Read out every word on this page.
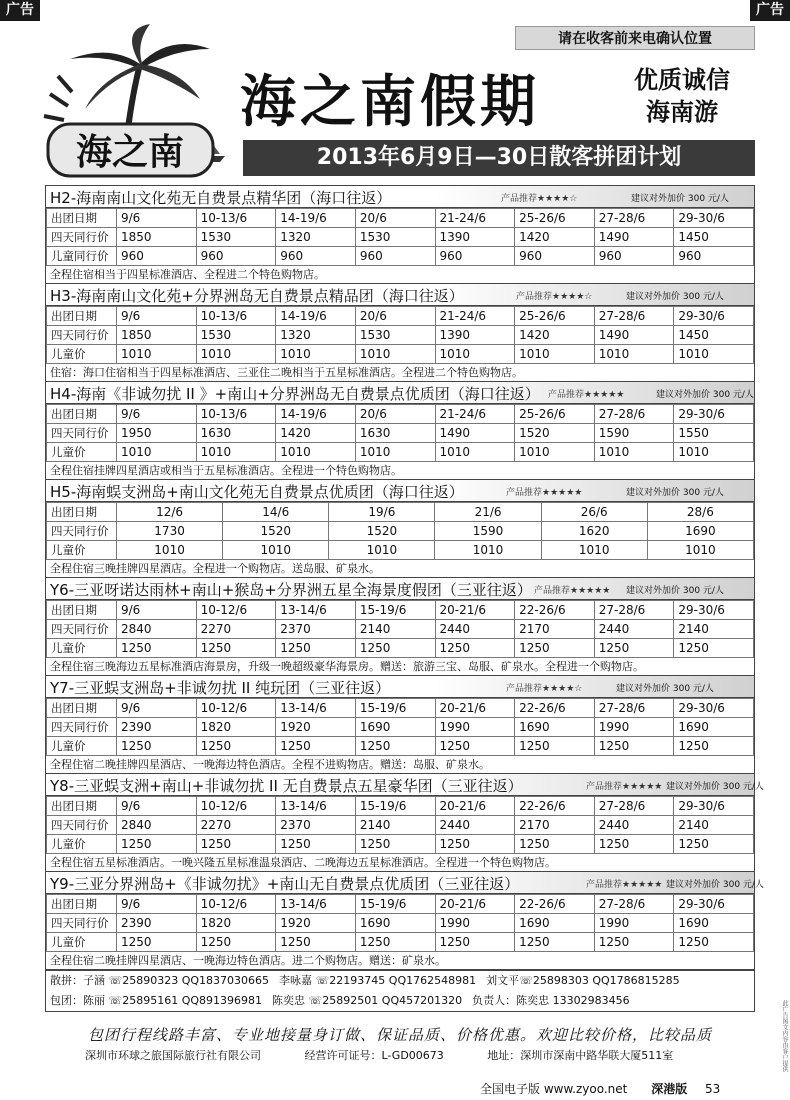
广告	广告
请在收客前来电确认位置
海之南
海之南假期	优质诚信
海南游
2013年6月9日—30日散客拼团计划
H2-海南南山文化苑无自费景点精华团（海口往返）	产品推荐★★★★☆	建议对外加价 300 元/人
出团日期	9/6	10-13/6	14-19/6	20/6	21-24/6	25-26/6	27-28/6	29-30/6
四天同行价	1850	1530	1320	1530	1390	1420	1490	1450
儿童同行价	960	960	960	960	960	960	960	960
全程住宿相当于四星标准酒店、全程进二个特色购物店。
H3-海南南山文化苑+分界洲岛无自费景点精品团（海口往返）	产品推荐★★★★☆	建议对外加价 300 元/人
出团日期	9/6	10-13/6	14-19/6	20/6	21-24/6	25-26/6	27-28/6	29-30/6
四天同行价	1850	1530	1320	1530	1390	1420	1490	1450
儿童价	1010	1010	1010	1010	1010	1010	1010	1010
住宿：海口住宿相当于四星标准酒店、三亚住二晚相当于五星标准酒店。全程进二个特色购物店。
H4-海南《非诚勿扰 II 》+南山+分界洲岛无自费景点优质团（海口往返） 产品推荐★★★★★	建议对外加价 300 元/人
出团日期	9/6	10-13/6	14-19/6	20/6	21-24/6	25-26/6	27-28/6	29-30/6
四天同行价	1950	1630	1420	1630	1490	1520	1590	1550
儿童价	1010	1010	1010	1010	1010	1010	1010	1010
全程住宿挂牌四星酒店或相当于五星标准酒店。全程进一个特色购物店。
H5-海南蜈支洲岛+南山文化苑无自费景点优质团（海口往返）	产品推荐★★★★★	建议对外加价 300 元/人
出团日期	12/6	14/6	19/6	21/6	26/6	28/6
四天同行价	1730	1520	1520	1590	1620	1690
儿童价	1010	1010	1010	1010	1010	1010
全程住宿三晚挂牌四星酒店。全程进一个购物店。送岛服、矿泉水。
Y6-三亚呀诺达雨林+南山+猴岛+分界洲五星全海景度假团（三亚往返） 产品推荐★★★★★ 建议对外加价 300 元/人
出团日期	9/6	10-12/6	13-14/6	15-19/6	20-21/6	22-26/6	27-28/6	29-30/6
四天同行价	2840	2270	2370	2140	2440	2170	2440	2140
儿童价	1250	1250	1250	1250	1250	1250	1250	1250
全程住宿三晚海边五星标准酒店海景房，升级一晚超级豪华海景房。赠送：旅游三宝、岛服、矿泉水。全程进一个购物店。
Y7-三亚蜈支洲岛+非诚勿扰 II 纯玩团（三亚往返）	产品推荐★★★★☆	建议对外加价 300 元/人
出团日期	9/6	10-12/6	13-14/6	15-19/6	20-21/6	22-26/6	27-28/6	29-30/6
四天同行价	2390	1820	1920	1690	1990	1690	1990	1690
儿童价	1250	1250	1250	1250	1250	1250	1250	1250
全程住宿二晚挂牌四星酒店、一晚海边特色酒店。全程不进购物店。赠送：岛服、矿泉水。
Y8-三亚蜈支洲+南山+非诚勿扰 II 无自费景点五星豪华团（三亚往返）	产品推荐★★★★★ 建议对外加价 300 元/人
出团日期	9/6	10-12/6	13-14/6	15-19/6	20-21/6	22-26/6	27-28/6	29-30/6
四天同行价	2840	2270	2370	2140	2440	2170	2440	2140
儿童价	1250	1250	1250	1250	1250	1250	1250	1250
全程住宿五星标准酒店。一晚兴隆五星标准温泉酒店、二晚海边五星标准酒店。全程进一个特色购物店。
Y9-三亚分界洲岛+《非诚勿扰》+南山无自费景点优质团（三亚往返）	产品推荐★★★★★ 建议对外加价 300 元/人
出团日期	9/6	10-12/6	13-14/6	15-19/6	20-21/6	22-26/6	27-28/6	29-30/6
四天同行价	2390	1820	1920	1690	1990	1690	1990	1690
儿童价	1250	1250	1250	1250	1250	1250	1250	1250
全程住宿二晚挂牌四星酒店、一晚海边特色酒店。进二个购物店。赠送：矿泉水。
散拼：子涵 ☏25890323 QQ1837030665 李咏嘉 ☏22193745 QQ1762548981 刘文平☏25898303 QQ1786815285
包团：陈丽 ☏25895161 QQ891396981 陈奕忠 ☏25892501 QQ457201320 负责人：陈奕忠 13302983456
包团行程线路丰富、专业地接量身订做、保证品质、价格优惠。欢迎比较价格，比较品质
深圳市环球之旅国际旅行社有限公司	经营许可证号：L-GD00673	地址：深圳市深南中路华联大厦511室
全国电子版 www.zyoo.net 深港版 53
此广告图文内容由客户提供
